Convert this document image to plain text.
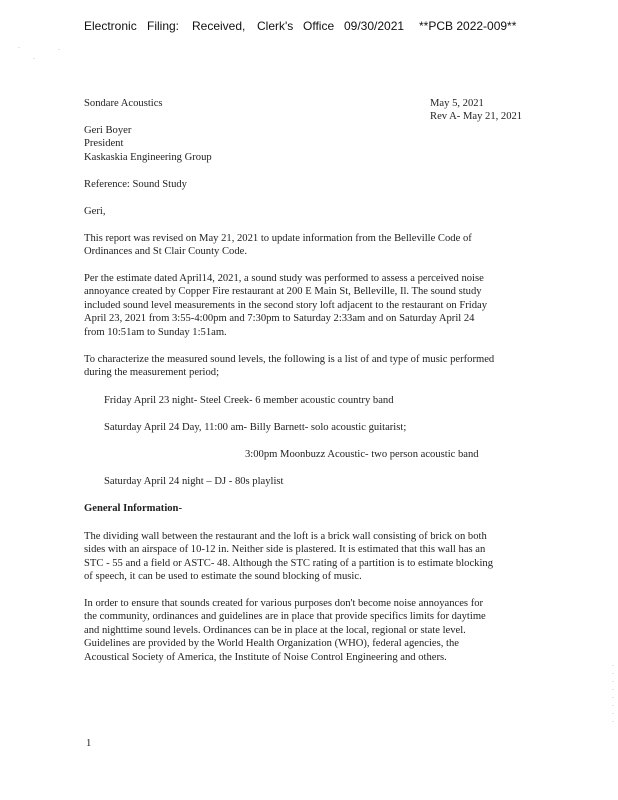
Electronic Filing: Received, Clerk's Office 09/30/2021 **PCB 2022-009**
·
·
·
Sondare Acoustics	May 5, 2021
Rev A- May 21, 2021
Geri Boyer
President
Kaskaskia Engineering Group
Reference: Sound Study
Geri,
This report was revised on May 21, 2021 to update information from the Belleville Code of
Ordinances and St Clair County Code.
Per the estimate dated April14, 2021, a sound study was performed to assess a perceived noise
annoyance created by Copper Fire restaurant at 200 E Main St, Belleville, Il. The sound study
included sound level measurements in the second story loft adjacent to the restaurant on Friday
April 23, 2021 from 3:55-4:00pm and 7:30pm to Saturday 2:33am and on Saturday April 24
from 10:51am to Sunday 1:51am.
To characterize the measured sound levels, the following is a list of and type of music performed
during the measurement period;
Friday April 23 night- Steel Creek- 6 member acoustic country band
Saturday April 24 Day, 11:00 am- Billy Barnett- solo acoustic guitarist;
3:00pm Moonbuzz Acoustic- two person acoustic band
Saturday April 24 night – DJ - 80s playlist
General Information-
The dividing wall between the restaurant and the loft is a brick wall consisting of brick on both
sides with an airspace of 10-12 in. Neither side is plastered. It is estimated that this wall has an
STC - 55 and a field or ASTC- 48. Although the STC rating of a partition is to estimate blocking
of speech, it can be used to estimate the sound blocking of music.
In order to ensure that sounds created for various purposes don't become noise annoyances for
the community, ordinances and guidelines are in place that provide specifics limits for daytime
and nighttime sound levels. Ordinances can be in place at the local, regional or state level.
Guidelines are provided by the World Health Organization (WHO), federal agencies, the
Acoustical Society of America, the Institute of Noise Control Engineering and others.
·
·
·
·
·
·
·
·
1
